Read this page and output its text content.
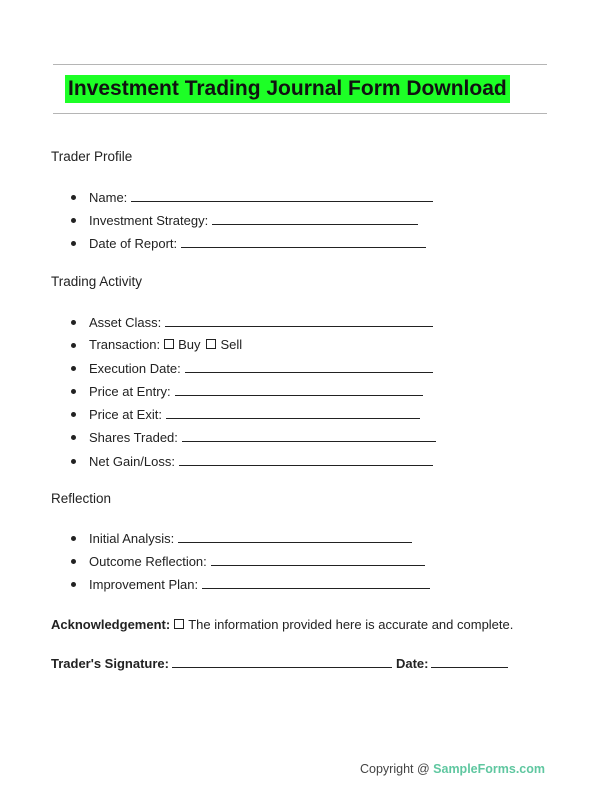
Investment Trading Journal Form Download
Trader Profile
Name:
Investment Strategy:
Date of Report:
Trading Activity
Asset Class:
Transaction: Buy Sell
Execution Date:
Price at Entry:
Price at Exit:
Shares Traded:
Net Gain/Loss:
Reflection
Initial Analysis:
Outcome Reflection:
Improvement Plan:
Acknowledgement: The information provided here is accurate and complete.
Trader's Signature:	Date:
Copyright @ SampleForms.com
